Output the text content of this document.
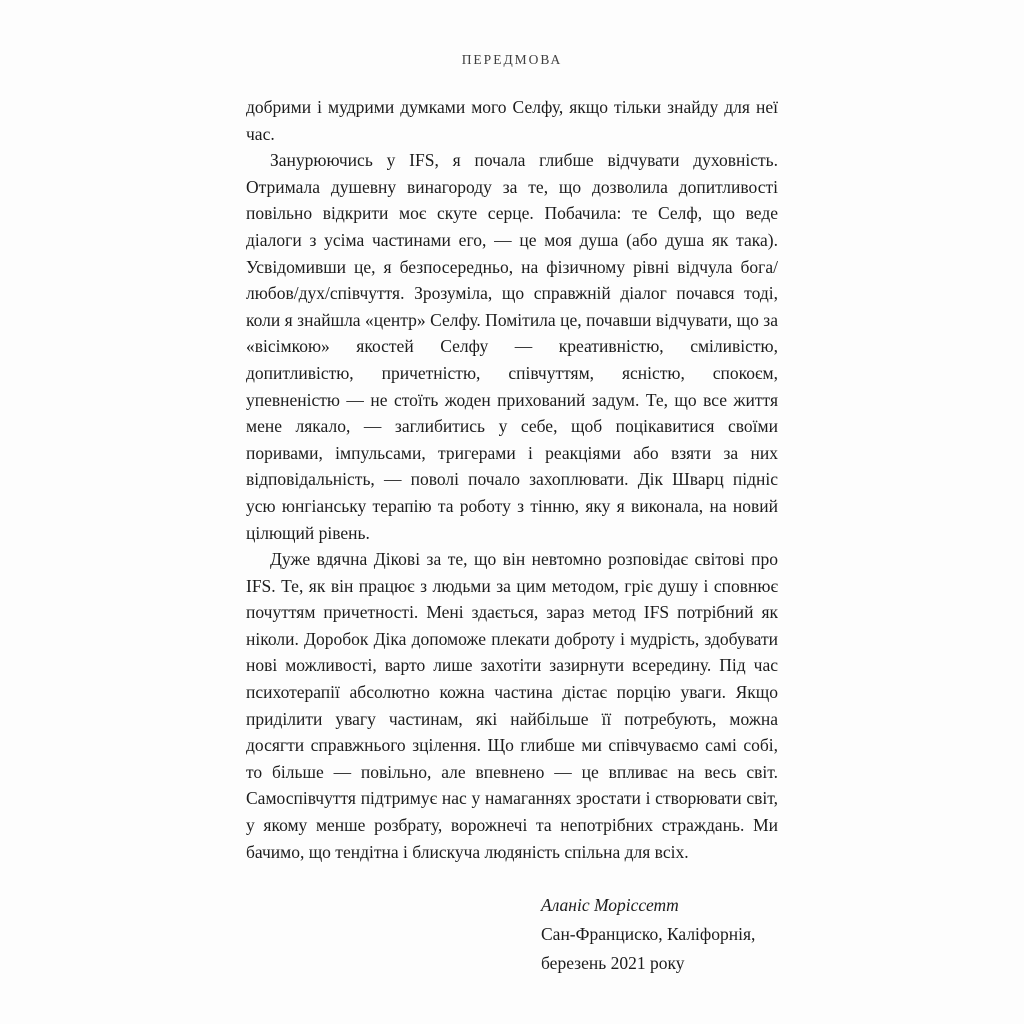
ПЕРЕДМОВА

добрими і мудрими думками мого Селфу, якщо тільки знайду для неї час.

Занурюючись у IFS, я почала глибше відчувати духовність. Отримала душевну винагороду за те, що дозволила допитливості повільно відкрити моє скуте серце. Побачила: те Селф, що веде діалоги з усіма частинами его, — це моя душа (або душа як така). Усвідомивши це, я безпосередньо, на фізичному рівні відчула бога/любов/дух/співчуття. Зрозуміла, що справжній діалог почався тоді, коли я знайшла «центр» Селфу. Помітила це, почавши відчувати, що за «вісімкою» якостей Селфу — креативністю, сміливістю, допитливістю, причетністю, співчуттям, ясністю, спокоєм, упевненістю — не стоїть жоден прихований задум. Те, що все життя мене лякало, — заглибитись у себе, щоб поцікавитися своїми поривами, імпульсами, тригерами і реакціями або взяти за них відповідальність, — поволі почало захоплювати. Дік Шварц підніс усю юнгіанську терапію та роботу з тінню, яку я виконала, на новий цілющий рівень.

Дуже вдячна Дікові за те, що він невтомно розповідає світові про IFS. Те, як він працює з людьми за цим методом, гріє душу і сповнює почуттям причетності. Мені здається, зараз метод IFS потрібний як ніколи. Доробок Діка допоможе плекати доброту і мудрість, здобувати нові можливості, варто лише захотіти зазирнути всередину. Під час психотерапії абсолютно кожна частина дістає порцію уваги. Якщо приділити увагу частинам, які найбільше її потребують, можна досягти справжнього зцілення. Що глибше ми співчуваємо самі собі, то більше — повільно, але впевнено — це впливає на весь світ. Самоспівчуття підтримує нас у намаганнях зростати і створювати світ, у якому менше розбрату, ворожнечі та непотрібних страждань. Ми бачимо, що тендітна і блискуча людяність спільна для всіх.

Аланіс Моріссетт
Сан-Франциско, Каліфорнія,
березень 2021 року
